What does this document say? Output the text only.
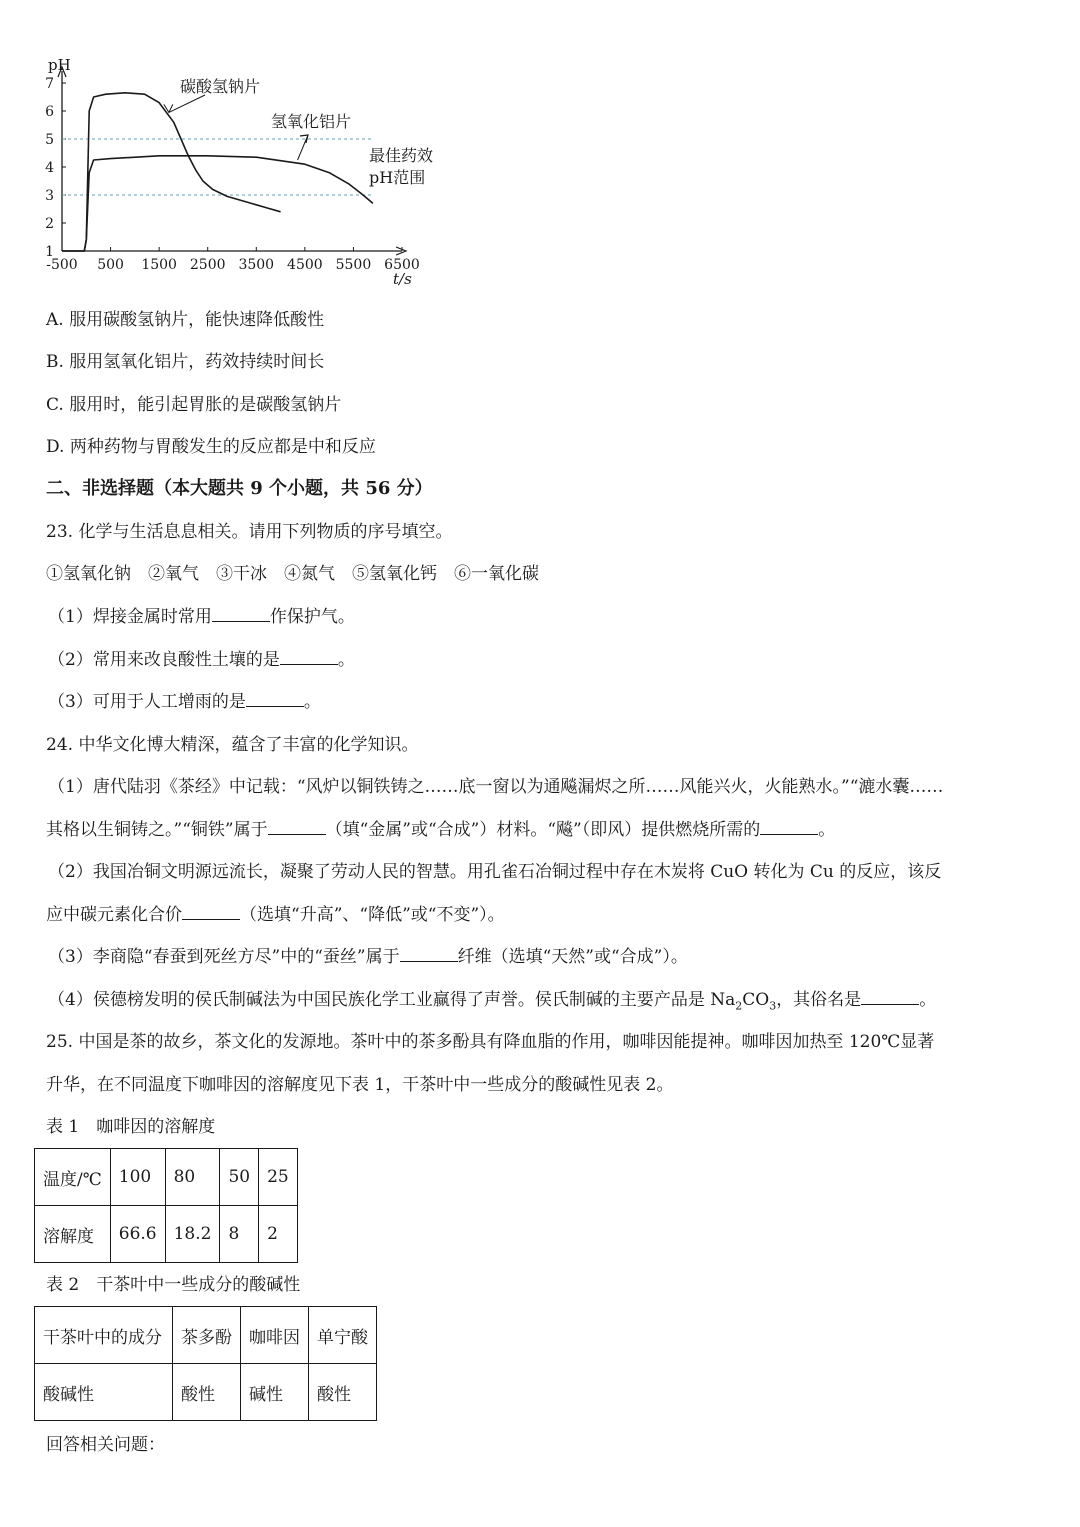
1
2
3
4
5
6
7
-500 500 1500 2500 3500 4500 5500 6500
pH
t/s
碳酸氢钠片
氢氧化铝片
最佳药效
pH范围
A. 服用碳酸氢钠片，能快速降低酸性
B. 服用氢氧化铝片，药效持续时间长
C. 服用时，能引起胃胀的是碳酸氢钠片
D. 两种药物与胃酸发生的反应都是中和反应
二、非选择题（本大题共 9 个小题，共 56 分）
23. 化学与生活息息相关。请用下列物质的序号填空。
①氢氧化钠　②氧气　③干冰　④氮气　⑤氢氧化钙　⑥一氧化碳
（1）焊接金属时常用	作保护气。
（2）常用来改良酸性土壤的是	。
（3）可用于人工增雨的是	。
24. 中华文化博大精深，蕴含了丰富的化学知识。
（1）唐代陆羽《茶经》中记载：“风炉以铜铁铸之……底一窗以为通飚漏烬之所……风能兴火，火能熟水。”“漉水囊……
其格以生铜铸之。”“铜铁”属于	（填“金属”或“合成”）材料。“飚”（即风）提供燃烧所需的	。
（2）我国冶铜文明源远流长，凝聚了劳动人民的智慧。用孔雀石冶铜过程中存在木炭将 CuO 转化为 Cu 的反应，该反
应中碳元素化合价	（选填“升高”、“降低”或“不变”）。
（3）李商隐“春蚕到死丝方尽”中的“蚕丝”属于	纤维（选填“天然”或“合成”）。
（4）侯德榜发明的侯氏制碱法为中国民族化学工业赢得了声誉。侯氏制碱的主要产品是 $Na_2CO_3$，其俗名是	。
25. 中国是茶的故乡，茶文化的发源地。茶叶中的茶多酚具有降血脂的作用，咖啡因能提神。咖啡因加热至 120℃显著
升华，在不同温度下咖啡因的溶解度见下表 1，干茶叶中一些成分的酸碱性见表 2。
表 1　咖啡因的溶解度
温度/℃	100	80	50	25
溶解度	66.6	18.2	8	2
表 2　干茶叶中一些成分的酸碱性
干茶叶中的成分	茶多酚	咖啡因	单宁酸
酸碱性	酸性	碱性	酸性
回答相关问题：
